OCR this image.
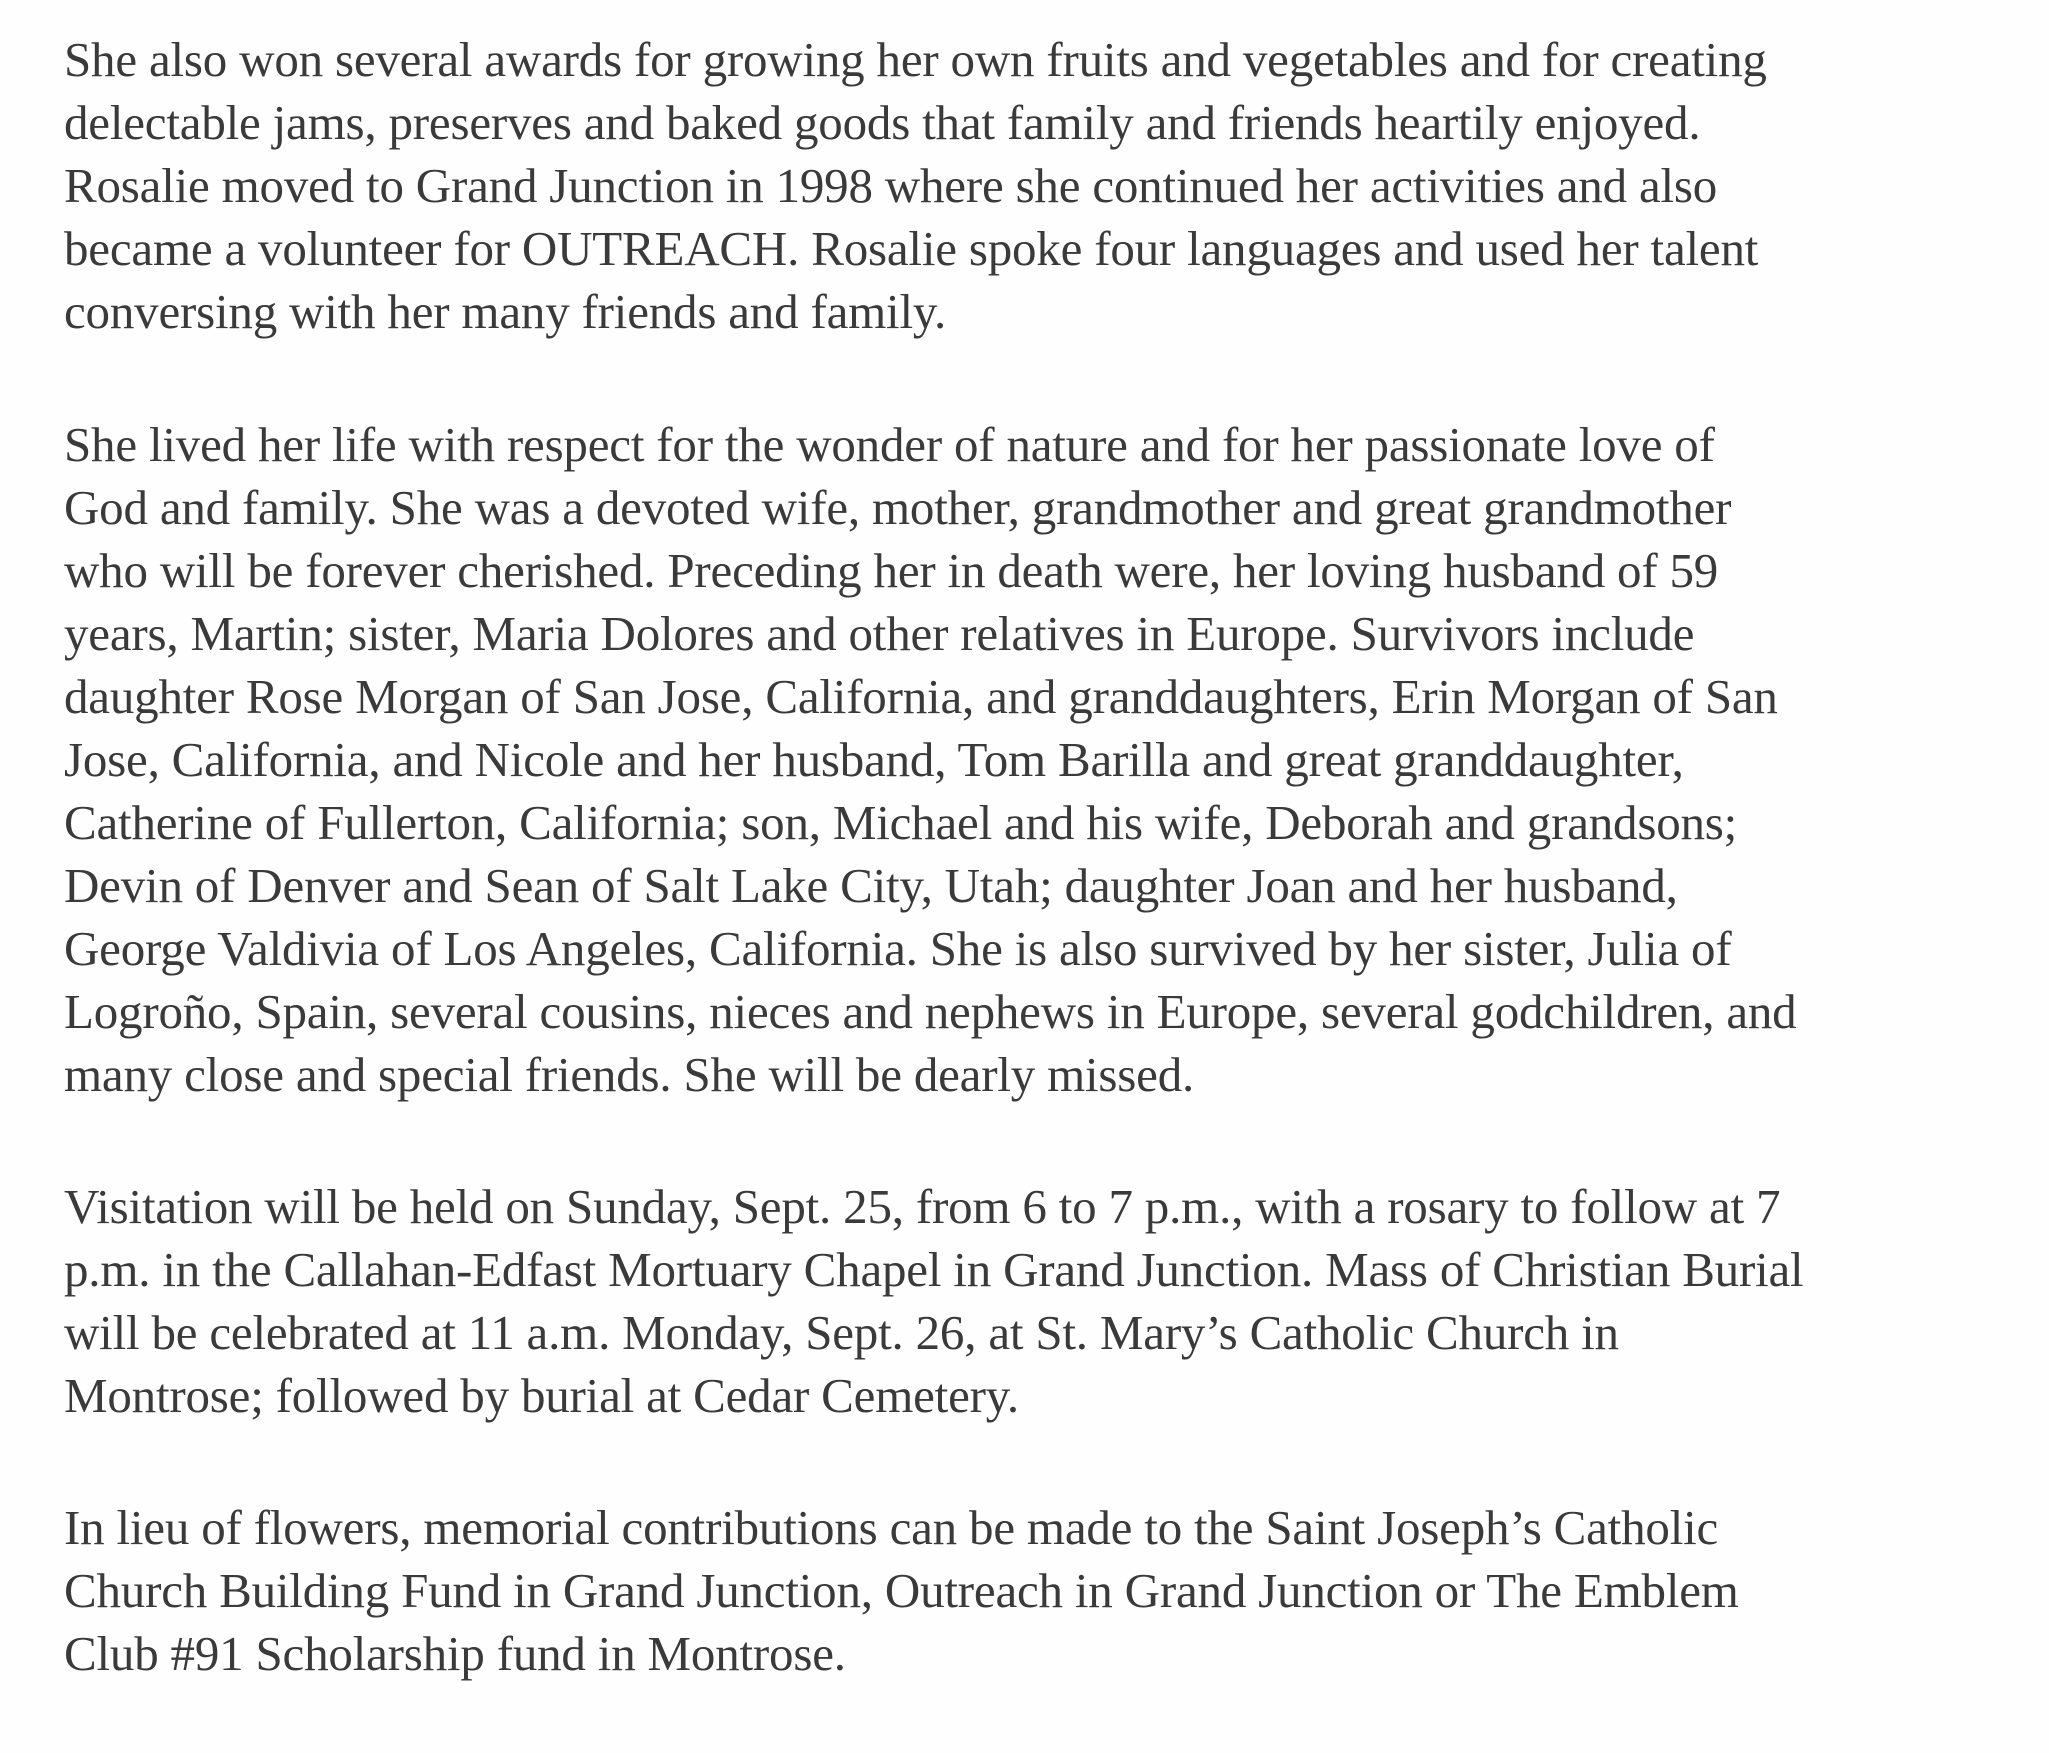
She also won several awards for growing her own fruits and vegetables and for creating
delectable jams, preserves and baked goods that family and friends heartily enjoyed.
Rosalie moved to Grand Junction in 1998 where she continued her activities and also
became a volunteer for OUTREACH. Rosalie spoke four languages and used her talent
conversing with her many friends and family.

She lived her life with respect for the wonder of nature and for her passionate love of
God and family. She was a devoted wife, mother, grandmother and great grandmother
who will be forever cherished. Preceding her in death were, her loving husband of 59
years, Martin; sister, Maria Dolores and other relatives in Europe. Survivors include
daughter Rose Morgan of San Jose, California, and granddaughters, Erin Morgan of San
Jose, California, and Nicole and her husband, Tom Barilla and great granddaughter,
Catherine of Fullerton, California; son, Michael and his wife, Deborah and grandsons;
Devin of Denver and Sean of Salt Lake City, Utah; daughter Joan and her husband,
George Valdivia of Los Angeles, California. She is also survived by her sister, Julia of
Logroño, Spain, several cousins, nieces and nephews in Europe, several godchildren, and
many close and special friends. She will be dearly missed.

Visitation will be held on Sunday, Sept. 25, from 6 to 7 p.m., with a rosary to follow at 7
p.m. in the Callahan-Edfast Mortuary Chapel in Grand Junction. Mass of Christian Burial
will be celebrated at 11 a.m. Monday, Sept. 26, at St. Mary’s Catholic Church in
Montrose; followed by burial at Cedar Cemetery.

In lieu of flowers, memorial contributions can be made to the Saint Joseph’s Catholic
Church Building Fund in Grand Junction, Outreach in Grand Junction or The Emblem
Club #91 Scholarship fund in Montrose.
